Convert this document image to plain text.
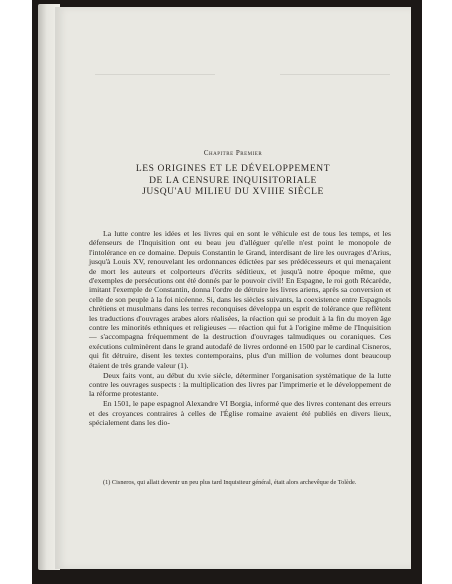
Chapitre Premier
LES ORIGINES ET LE DÉVELOPPEMENT
DE LA CENSURE INQUISITORIALE
JUSQU'AU MILIEU DU XVIIIE SIÈCLE

La lutte contre les idées et les livres qui en sont le véhicule est de tous les temps, et les défenseurs de l'Inquisition ont eu beau jeu d'alléguer qu'elle n'est point le monopole de l'intolérance en ce domaine. Depuis Constantin le Grand, interdisant de lire les ouvrages d'Arius, jusqu'à Louis XV, renouvelant les ordonnances édictées par ses prédécesseurs et qui menaçaient de mort les auteurs et colporteurs d'écrits séditieux, et jusqu'à notre époque même, que d'exemples de persécutions ont été donnés par le pouvoir civil! En Espagne, le roi goth Récarède, imitant l'exemple de Constantin, donna l'ordre de détruire les livres ariens, après sa conversion et celle de son peuple à la foi nicéenne. Si, dans les siècles suivants, la coexistence entre Espagnols chrétiens et musulmans dans les terres reconquises développa un esprit de tolérance que reflètent les traductions d'ouvrages arabes alors réalisées, la réaction qui se produit à la fin du moyen âge contre les minorités ethniques et religieuses — réaction qui fut à l'origine même de l'Inquisition — s'accompagna fréquemment de la destruction d'ouvrages talmudiques ou coraniques. Ces exécutions culminèrent dans le grand autodafé de livres ordonné en 1500 par le cardinal Cisneros, qui fit détruire, disent les textes contemporains, plus d'un million de volumes dont beaucoup étaient de très grande valeur (1).

Deux faits vont, au début du xvie siècle, déterminer l'organisation systématique de la lutte contre les ouvrages suspects : la multiplication des livres par l'imprimerie et le développement de la réforme protestante.

En 1501, le pape espagnol Alexandre VI Borgia, informé que des livres contenant des erreurs et des croyances contraires à celles de l'Église romaine avaient été publiés en divers lieux, spécialement dans les dio-

(1) Cisneros, qui allait devenir un peu plus tard Inquisiteur général, était alors archevêque de Tolède.
